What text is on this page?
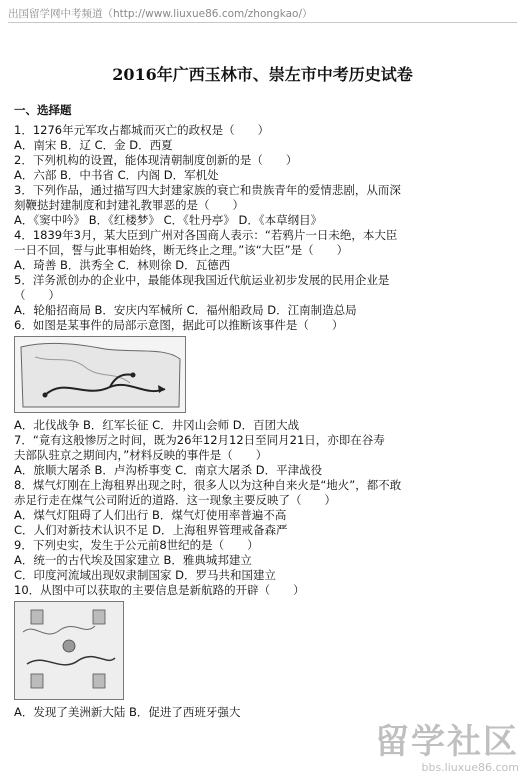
出国留学网中考频道（http://www.liuxue86.com/zhongkao/）
2016年广西玉林市、崇左市中考历史试卷

一、选择题

1．1276年元军攻占都城而灭亡的政权是（　　）

A．南宋 B．辽 C．金 D．西夏

2．下列机构的设置，能体现清朝制度创新的是（　　）

A．六部 B．中书省 C．内阁 D．军机处

3．下列作品，通过描写四大封建家族的衰亡和贵族青年的爱情悲剧，从而深

刻鞭挞封建制度和封建礼教罪恶的是（　　）

A．《窦中吟》 B．《红楼梦》 C．《牡丹亭》 D．《本草纲目》

4．1839年3月，某大臣到广州对各国商人表示：“若鸦片一日未绝，本大臣

一日不回，誓与此事相始终，断无终止之理。”该“大臣”是（　　）

A．琦善 B．洪秀全 C．林则徐 D．瓦德西

5．洋务派创办的企业中，最能体现我国近代航运业初步发展的民用企业是

（　　）

A．轮船招商局 B．安庆内军械所 C．福州船政局 D．江南制造总局

6．如图是某事件的局部示意图，据此可以推断该事件是（　　）

A．北伐战争 B．红军长征 C．井冈山会师 D．百团大战

7．“竟有这般惨厉之时间，既为26年12月12日至同月21日，亦即在谷寿

夫部队驻京之期间内，”材料反映的事件是（　　）

A．旅顺大屠杀 B．卢沟桥事变 C．南京大屠杀 D．平津战役

8．煤气灯刚在上海租界出现之时，很多人以为这种自来火是“地火”，都不敢

赤足行走在煤气公司附近的道路．这一现象主要反映了（　　）

A．煤气灯阻碍了人们出行 B．煤气灯使用率普遍不高

C．人们对新技术认识不足 D．上海租界管理戒备森严

9．下列史实，发生于公元前8世纪的是（　　）

A．统一的古代埃及国家建立 B．雅典城邦建立

C．印度河流域出现奴隶制国家 D．罗马共和国建立

10．从图中可以获取的主要信息是新航路的开辟（　　）

A．发现了美洲新大陆 B．促进了西班牙强大

留学社区
bbs.liuxue86.com
